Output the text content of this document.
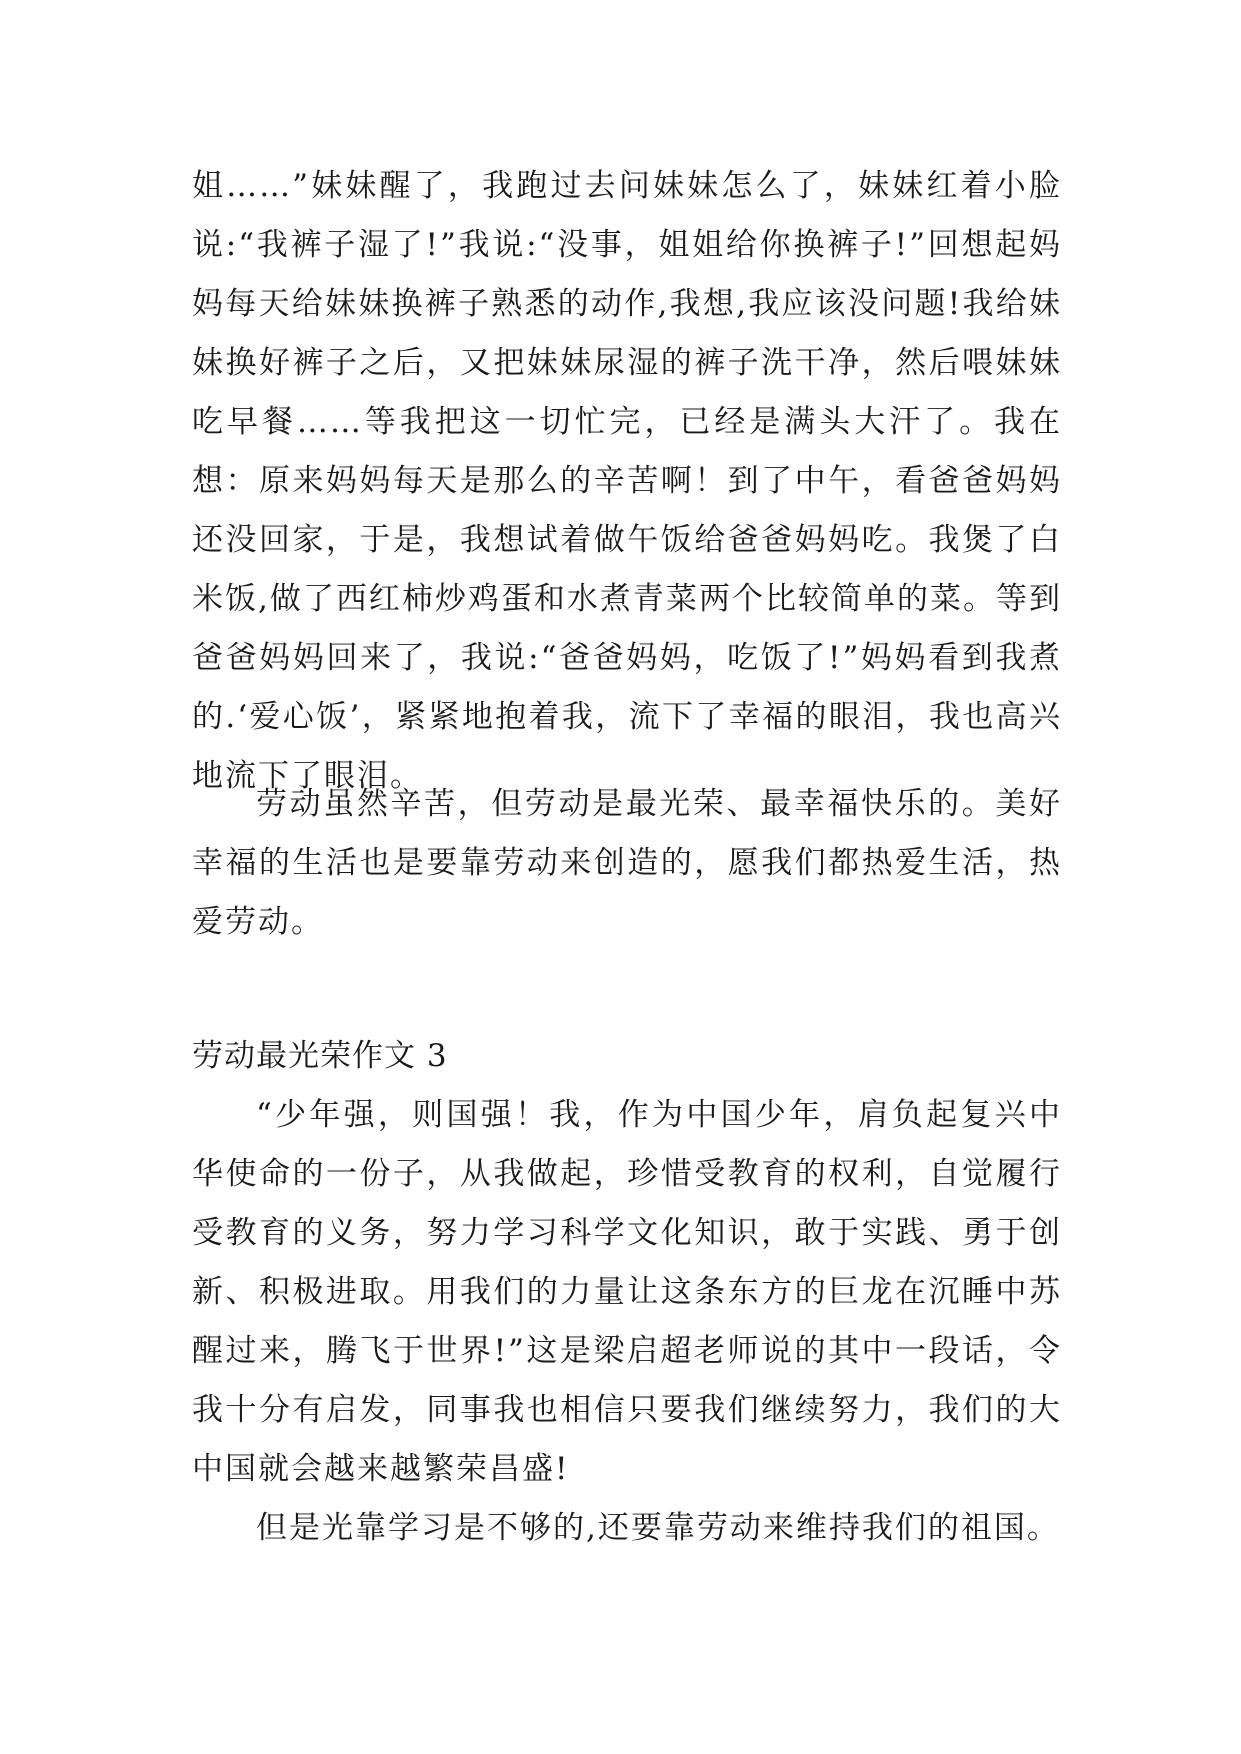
姐……”妹妹醒了，我跑过去问妹妹怎么了，妹妹红着小脸说:“我裤子湿了!”我说:“没事，姐姐给你换裤子!”回想起妈妈每天给妹妹换裤子熟悉的动作,我想,我应该没问题!我给妹妹换好裤子之后，又把妹妹尿湿的裤子洗干净，然后喂妹妹吃早餐……等我把这一切忙完，已经是满头大汗了。我在想：原来妈妈每天是那么的辛苦啊！到了中午，看爸爸妈妈还没回家，于是，我想试着做午饭给爸爸妈妈吃。我煲了白米饭,做了西红柿炒鸡蛋和水煮青菜两个比较简单的菜。等到爸爸妈妈回来了，我说:“爸爸妈妈，吃饭了!”妈妈看到我煮的.‘爱心饭’，紧紧地抱着我，流下了幸福的眼泪，我也高兴地流下了眼泪。

劳动虽然辛苦，但劳动是最光荣、最幸福快乐的。美好幸福的生活也是要靠劳动来创造的，愿我们都热爱生活，热爱劳动。

劳动最光荣作文 3

“少年强，则国强！我，作为中国少年，肩负起复兴中华使命的一份子，从我做起，珍惜受教育的权利，自觉履行受教育的义务，努力学习科学文化知识，敢于实践、勇于创新、积极进取。用我们的力量让这条东方的巨龙在沉睡中苏醒过来，腾飞于世界!”这是梁启超老师说的其中一段话，令我十分有启发，同事我也相信只要我们继续努力，我们的大中国就会越来越繁荣昌盛!

但是光靠学习是不够的,还要靠劳动来维持我们的祖国。
